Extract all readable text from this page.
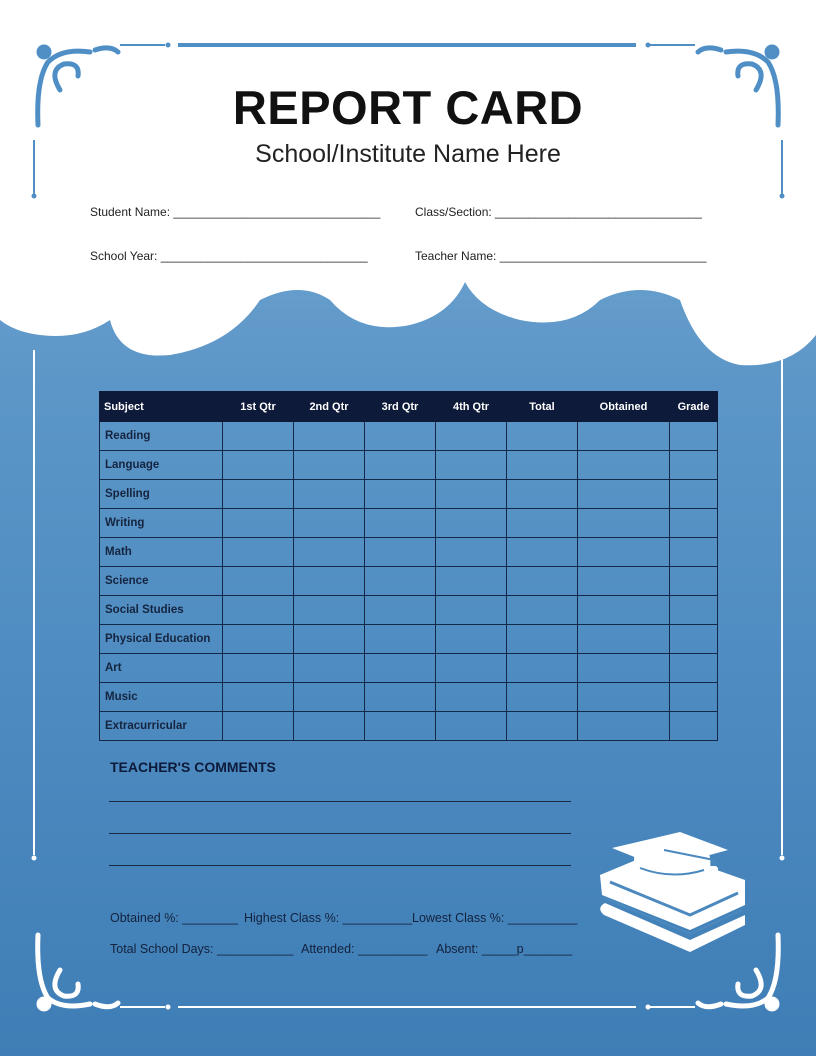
REPORT CARD
School/Institute Name Here
Student Name: _______________________________	Class/Section: _______________________________
School Year: _______________________________	Teacher Name: _______________________________
Subject	1st Qtr	2nd Qtr	3rd Qtr	4th Qtr	Total	Obtained	Grade
Reading							
Language							
Spelling							
Writing							
Math							
Science							
Social Studies							
Physical Education							
Art							
Music							
Extracurricular							
TEACHER'S COMMENTS
Obtained %: ________ Highest Class %: __________ Lowest Class %: __________
Total School Days: ___________ Attended: __________ Absent: _____p_______
